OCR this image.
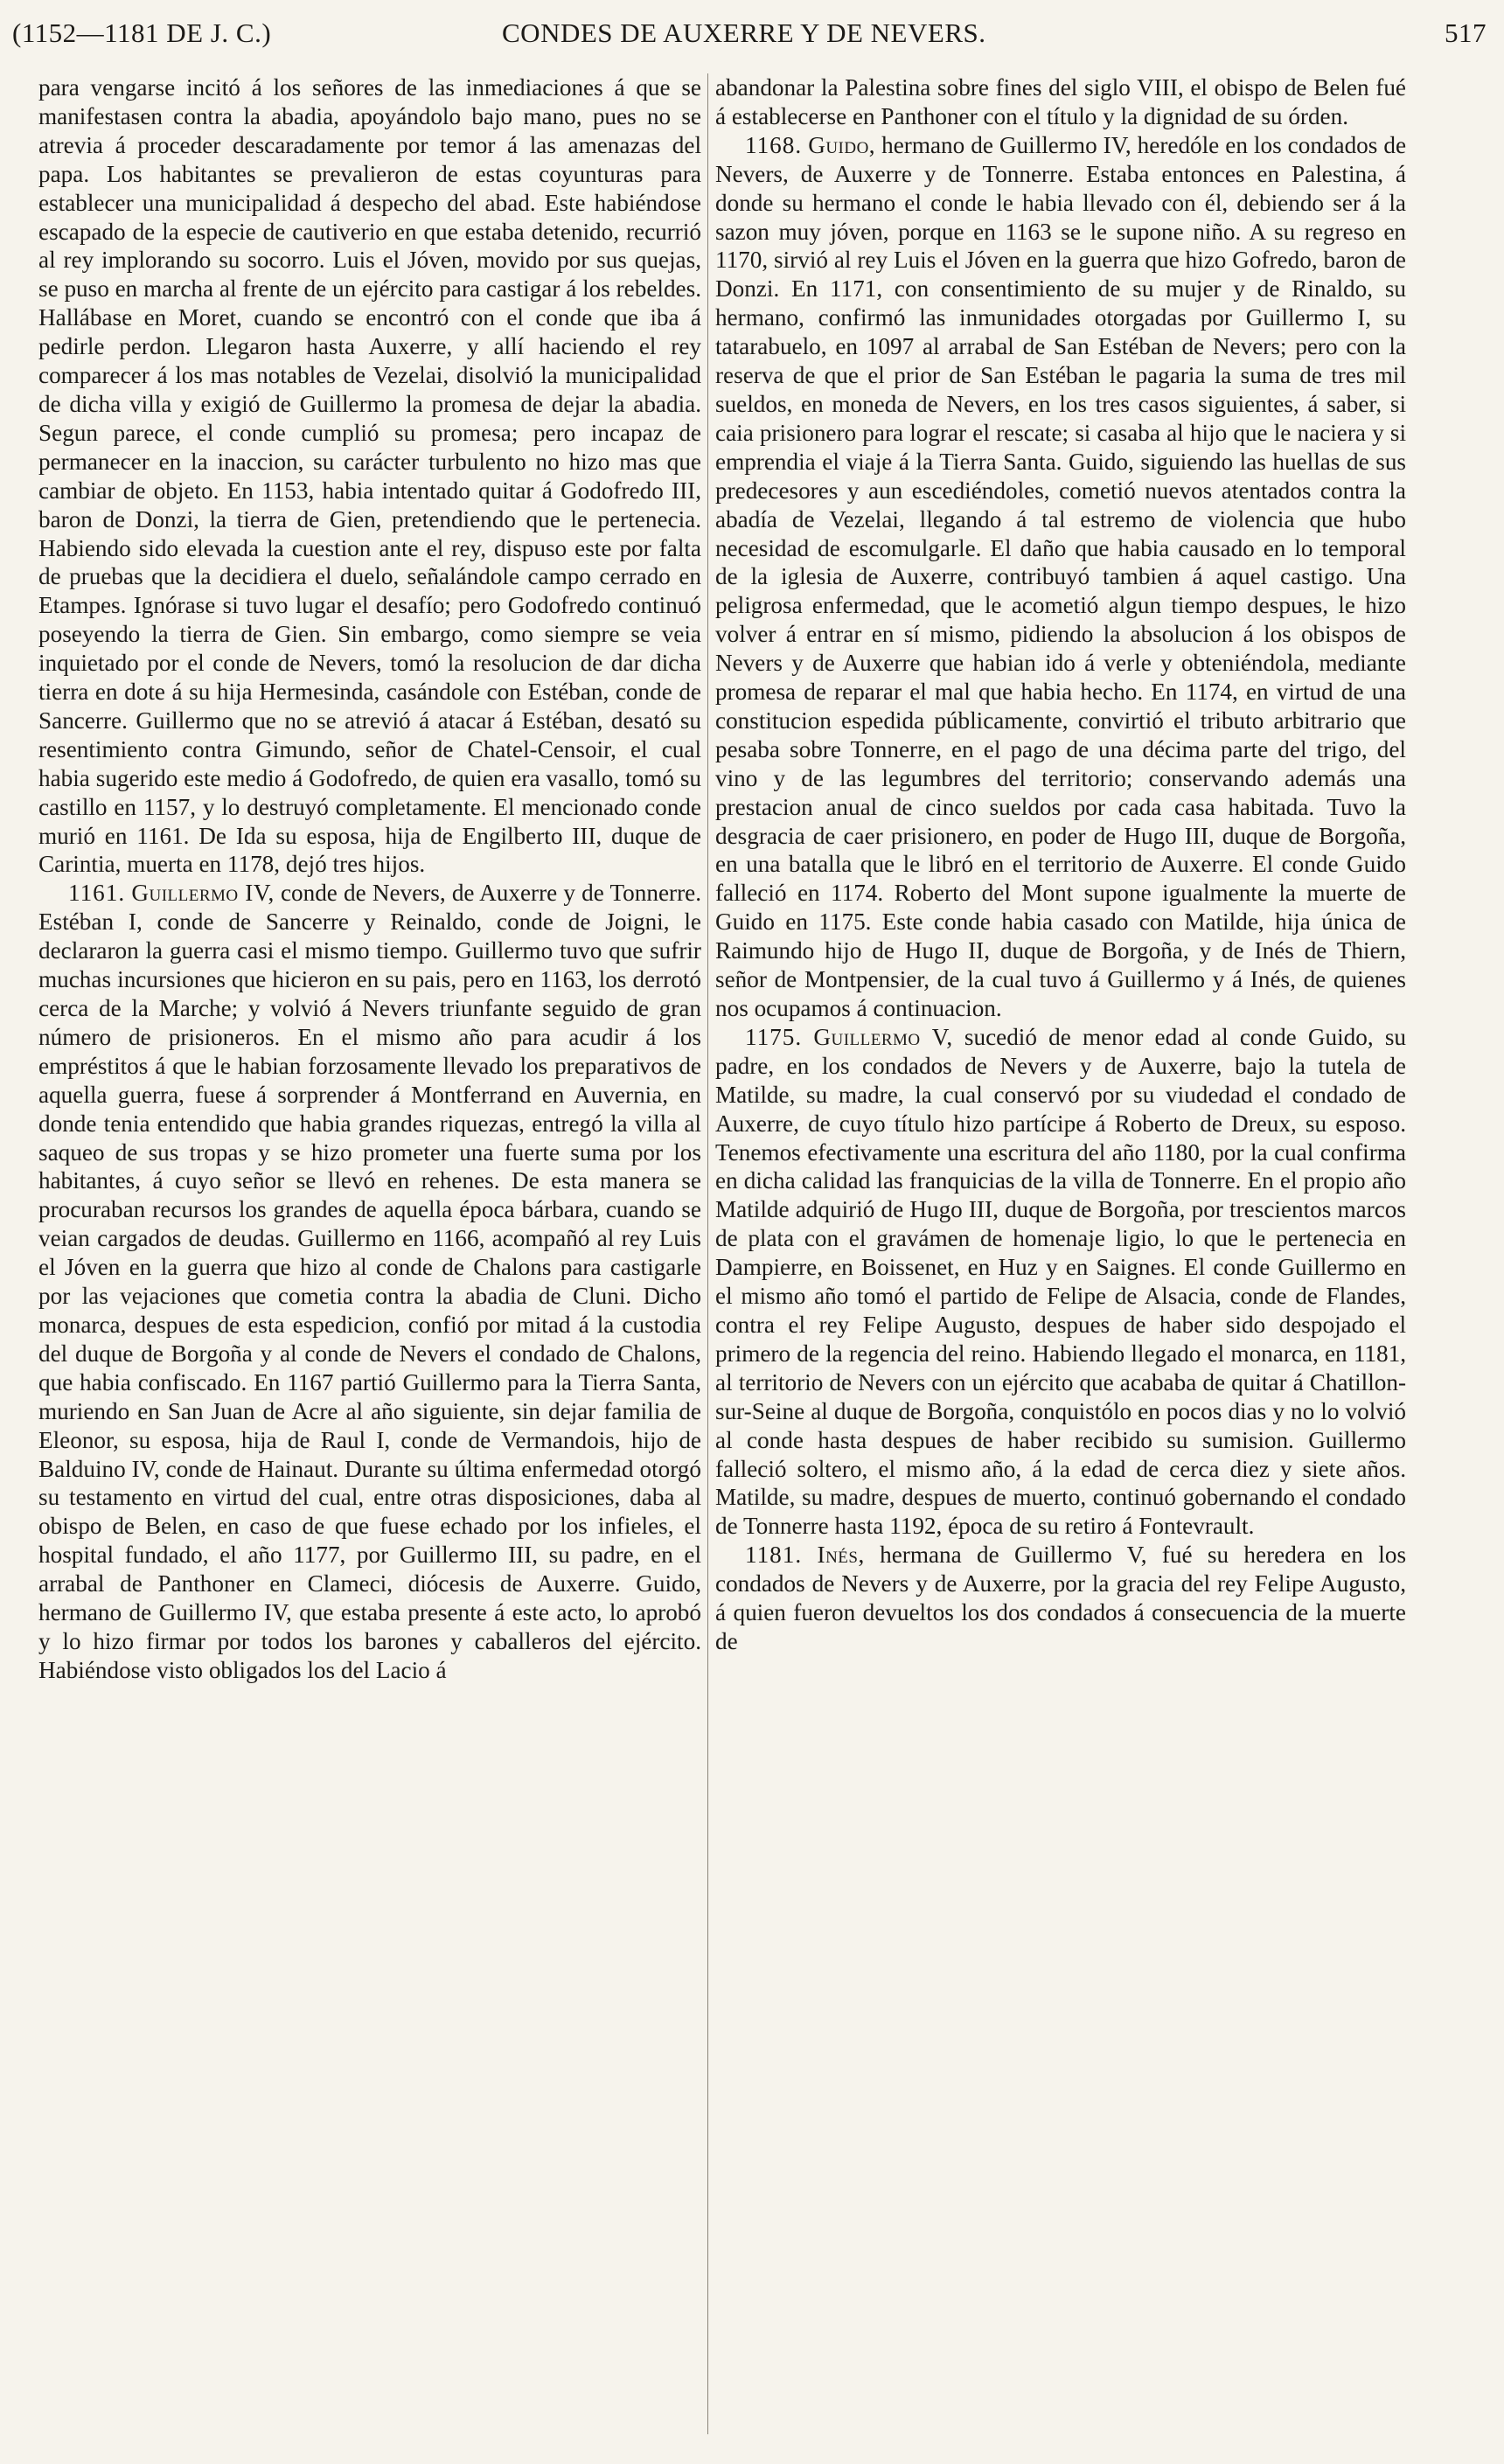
(1152—1181 DE J. C.)	CONDES DE AUXERRE Y DE NEVERS.	517

para vengarse incitó á los señores de las inmediaciones á que se manifestasen contra la abadia, apoyándolo bajo mano, pues no se atrevia á proceder descaradamente por temor á las amenazas del papa. Los habitantes se prevalieron de estas coyunturas para establecer una municipalidad á despecho del abad. Este habiéndose escapado de la especie de cautiverio en que estaba detenido, recurrió al rey implorando su socorro. Luis el Jóven, movido por sus quejas, se puso en marcha al frente de un ejército para castigar á los rebeldes. Hallábase en Moret, cuando se encontró con el conde que iba á pedirle perdon. Llegaron hasta Auxerre, y allí haciendo el rey comparecer á los mas notables de Vezelai, disolvió la municipalidad de dicha villa y exigió de Guillermo la promesa de dejar la abadia. Segun parece, el conde cumplió su promesa; pero incapaz de permanecer en la inaccion, su carácter turbulento no hizo mas que cambiar de objeto. En 1153, habia intentado quitar á Godofredo III, baron de Donzi, la tierra de Gien, pretendiendo que le pertenecia. Habiendo sido elevada la cuestion ante el rey, dispuso este por falta de pruebas que la decidiera el duelo, señalándole campo cerrado en Etampes. Ignórase si tuvo lugar el desafío; pero Godofredo continuó poseyendo la tierra de Gien. Sin embargo, como siempre se veia inquietado por el conde de Nevers, tomó la resolucion de dar dicha tierra en dote á su hija Hermesinda, casándole con Estéban, conde de Sancerre. Guillermo que no se atrevió á atacar á Estéban, desató su resentimiento contra Gimundo, señor de Chatel-Censoir, el cual habia sugerido este medio á Godofredo, de quien era vasallo, tomó su castillo en 1157, y lo destruyó completamente. El mencionado conde murió en 1161. De Ida su esposa, hija de Engilberto III, duque de Carintia, muerta en 1178, dejó tres hijos.

1161. Guillermo IV, conde de Nevers, de Auxerre y de Tonnerre. Estéban I, conde de Sancerre y Reinaldo, conde de Joigni, le declararon la guerra casi el mismo tiempo. Guillermo tuvo que sufrir muchas incursiones que hicieron en su pais, pero en 1163, los derrotó cerca de la Marche; y volvió á Nevers triunfante seguido de gran número de prisioneros. En el mismo año para acudir á los empréstitos á que le habian forzosamente llevado los preparativos de aquella guerra, fuese á sorprender á Montferrand en Auvernia, en donde tenia entendido que habia grandes riquezas, entregó la villa al saqueo de sus tropas y se hizo prometer una fuerte suma por los habitantes, á cuyo señor se llevó en rehenes. De esta manera se procuraban recursos los grandes de aquella época bárbara, cuando se veian cargados de deudas. Guillermo en 1166, acompañó al rey Luis el Jóven en la guerra que hizo al conde de Chalons para castigarle por las vejaciones que cometia contra la abadia de Cluni. Dicho monarca, despues de esta espedicion, confió por mitad á la custodia del duque de Borgoña y al conde de Nevers el condado de Chalons, que habia confiscado. En 1167 partió Guillermo para la Tierra Santa, muriendo en San Juan de Acre al año siguiente, sin dejar familia de Eleonor, su esposa, hija de Raul I, conde de Vermandois, hijo de Balduino IV, conde de Hainaut. Durante su última enfermedad otorgó su testamento en virtud del cual, entre otras disposiciones, daba al obispo de Belen, en caso de que fuese echado por los infieles, el hospital fundado, el año 1177, por Guillermo III, su padre, en el arrabal de Panthoner en Clameci, diócesis de Auxerre. Guido, hermano de Guillermo IV, que estaba presente á este acto, lo aprobó y lo hizo firmar por todos los barones y caballeros del ejército. Habiéndose visto obligados los del Lacio á

abandonar la Palestina sobre fines del siglo VIII, el obispo de Belen fué á establecerse en Panthoner con el título y la dignidad de su órden.

1168. Guido, hermano de Guillermo IV, heredóle en los condados de Nevers, de Auxerre y de Tonnerre. Estaba entonces en Palestina, á donde su hermano el conde le habia llevado con él, debiendo ser á la sazon muy jóven, porque en 1163 se le supone niño. A su regreso en 1170, sirvió al rey Luis el Jóven en la guerra que hizo Gofredo, baron de Donzi. En 1171, con consentimiento de su mujer y de Rinaldo, su hermano, confirmó las inmunidades otorgadas por Guillermo I, su tatarabuelo, en 1097 al arrabal de San Estéban de Nevers; pero con la reserva de que el prior de San Estéban le pagaria la suma de tres mil sueldos, en moneda de Nevers, en los tres casos siguientes, á saber, si caia prisionero para lograr el rescate; si casaba al hijo que le naciera y si emprendia el viaje á la Tierra Santa. Guido, siguiendo las huellas de sus predecesores y aun escediéndoles, cometió nuevos atentados contra la abadía de Vezelai, llegando á tal estremo de violencia que hubo necesidad de escomulgarle. El daño que habia causado en lo temporal de la iglesia de Auxerre, contribuyó tambien á aquel castigo. Una peligrosa enfermedad, que le acometió algun tiempo despues, le hizo volver á entrar en sí mismo, pidiendo la absolucion á los obispos de Nevers y de Auxerre que habian ido á verle y obteniéndola, mediante promesa de reparar el mal que habia hecho. En 1174, en virtud de una constitucion espedida públicamente, convirtió el tributo arbitrario que pesaba sobre Tonnerre, en el pago de una décima parte del trigo, del vino y de las legumbres del territorio; conservando además una prestacion anual de cinco sueldos por cada casa habitada. Tuvo la desgracia de caer prisionero, en poder de Hugo III, duque de Borgoña, en una batalla que le libró en el territorio de Auxerre. El conde Guido falleció en 1174. Roberto del Mont supone igualmente la muerte de Guido en 1175. Este conde habia casado con Matilde, hija única de Raimundo hijo de Hugo II, duque de Borgoña, y de Inés de Thiern, señor de Montpensier, de la cual tuvo á Guillermo y á Inés, de quienes nos ocupamos á continuacion.

1175. Guillermo V, sucedió de menor edad al conde Guido, su padre, en los condados de Nevers y de Auxerre, bajo la tutela de Matilde, su madre, la cual conservó por su viudedad el condado de Auxerre, de cuyo título hizo partícipe á Roberto de Dreux, su esposo. Tenemos efectivamente una escritura del año 1180, por la cual confirma en dicha calidad las franquicias de la villa de Tonnerre. En el propio año Matilde adquirió de Hugo III, duque de Borgoña, por trescientos marcos de plata con el gravámen de homenaje ligio, lo que le pertenecia en Dampierre, en Boissenet, en Huz y en Saignes. El conde Guillermo en el mismo año tomó el partido de Felipe de Alsacia, conde de Flandes, contra el rey Felipe Augusto, despues de haber sido despojado el primero de la regencia del reino. Habiendo llegado el monarca, en 1181, al territorio de Nevers con un ejército que acababa de quitar á Chatillon-sur-Seine al duque de Borgoña, conquistólo en pocos dias y no lo volvió al conde hasta despues de haber recibido su sumision. Guillermo falleció soltero, el mismo año, á la edad de cerca diez y siete años. Matilde, su madre, despues de muerto, continuó gobernando el condado de Tonnerre hasta 1192, época de su retiro á Fontevrault.

1181. Inés, hermana de Guillermo V, fué su heredera en los condados de Nevers y de Auxerre, por la gracia del rey Felipe Augusto, á quien fueron devueltos los dos condados á consecuencia de la muerte de
